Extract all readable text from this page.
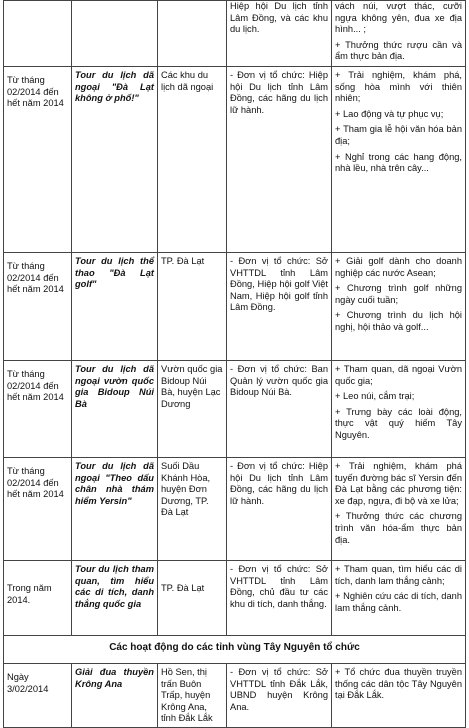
			Hiệp hội Du lịch tỉnh Lâm Đồng, và các khu du lịch.	vách núi, vượt thác, cưỡi ngựa không yên, đua xe địa hình... ;

+ Thưởng thức rượu cần và ẩm thực bản địa.

Từ tháng 02/2014 đến hết năm 2014	Tour du lịch dã ngoại "Đà Lạt không ở phố!"	Các khu du lịch dã ngoại	- Đơn vị tổ chức: Hiệp hội Du lịch tỉnh Lâm Đồng, các hãng du lịch lữ hành.	+ Trải nghiệm, khám phá, sống hòa mình với thiên nhiên;

+ Lao động và tự phục vụ;

+ Tham gia lễ hội văn hóa bản địa;

+ Nghỉ trong các hang động, nhà lều, nhà trên cây...

Từ tháng 02/2014 đến hết năm 2014	Tour du lịch thể thao "Đà Lạt golf"	TP. Đà Lạt	- Đơn vị tổ chức: Sở VHTTDL tỉnh Lâm Đồng, Hiệp hội golf Việt Nam, Hiệp hội golf tỉnh Lâm Đồng.	+ Giải golf dành cho doanh nghiệp các nước Asean;

+ Chương trình golf những ngày cuối tuần;

+ Chương trình du lịch hội nghị, hội thảo và golf...

Từ tháng 02/2014 đến hết năm 2014	Tour du lịch dã ngoại vườn quốc gia Bidoup Núi Bà	Vườn quốc gia Bidoup Núi Bà, huyện Lạc Dương	- Đơn vị tổ chức: Ban Quản lý vườn quốc gia Bidoup Núi Bà.	+ Tham quan, dã ngoại Vườn quốc gia;

+ Leo núi, cắm trại;

+ Trưng bày các loài động, thực vật quý hiếm Tây Nguyên.

Từ tháng 02/2014 đến hết năm 2014	Tour du lịch dã ngoại "Theo dấu chân nhà thám hiểm Yersin"	Suối Dầu Khánh Hòa, huyện Đơn Dương, TP. Đà Lạt	- Đơn vị tổ chức: Hiệp hội Du lịch tỉnh Lâm Đồng, các hãng du lịch lữ hành.	+ Trải nghiệm, khám phá tuyến đường bác sĩ Yersin đến Đà Lạt bằng các phương tiện: xe đạp, ngựa, đi bộ và xe lửa;

+ Thưởng thức các chương trình văn hóa-ẩm thực bản địa.

Trong năm 2014.	Tour du lịch tham quan, tìm hiểu các di tích, danh thắng quốc gia	TP. Đà Lạt	- Đơn vị tổ chức: Sở VHTTDL tỉnh Lâm Đồng, chủ đầu tư các khu di tích, danh thắng.	+ Tham quan, tìm hiểu các di tích, danh lam thắng cảnh;

+ Nghiên cứu các di tích, danh lam thắng cảnh.

Các hoạt động do các tỉnh vùng Tây Nguyên tổ chức				
Ngày 3/02/2014	Giải đua thuyền Krông Ana	Hồ Sen, thị trấn Buôn Trấp, huyện Krông Ana, tỉnh Đắk Lắk	- Đơn vị tổ chức: Sở VHTTDL tỉnh Đắk Lắk, UBND huyện Krông Ana.	+ Tổ chức đua thuyền truyền thống các dân tộc Tây Nguyên tại Đắk Lắk.
